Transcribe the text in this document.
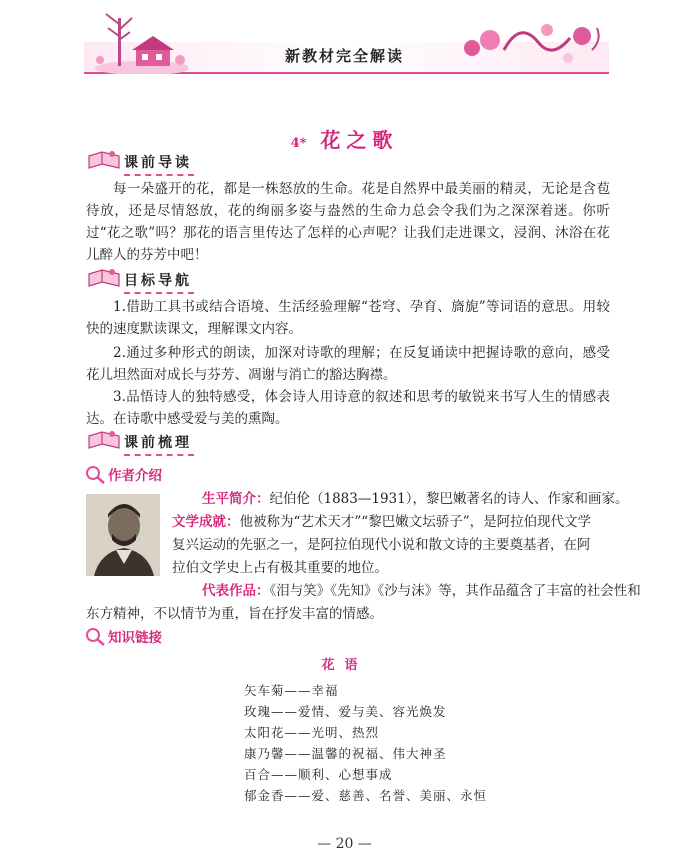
新教材完全解读
4* 花之歌
课前导读

每一朵盛开的花，都是一株怒放的生命。花是自然界中最美丽的精灵，无论是含苞待放，还是尽情怒放，花的绚丽多姿与盎然的生命力总会令我们为之深深着迷。你听过“花之歌”吗？那花的语言里传达了怎样的心声呢？让我们走进课文，浸润、沐浴在花儿醉人的芬芳中吧！

目标导航

1.借助工具书或结合语境、生活经验理解“苍穹、孕育、旖旎”等词语的意思。用较快的速度默读课文，理解课文内容。

2.通过多种形式的朗读，加深对诗歌的理解；在反复诵读中把握诗歌的意向，感受花儿坦然面对成长与芬芳、凋谢与消亡的豁达胸襟。

3.品悟诗人的独特感受，体会诗人用诗意的叙述和思考的敏锐来书写人生的情感表达。在诗歌中感受爱与美的熏陶。

课前梳理
作者介绍

生平简介：纪伯伦（1883—1931），黎巴嫩著名的诗人、作家和画家。

文学成就：他被称为“艺术天才”“黎巴嫩文坛骄子”，是阿拉伯现代文学

复兴运动的先驱之一，是阿拉伯现代小说和散文诗的主要奠基者，在阿

拉伯文学史上占有极其重要的地位。

代表作品：《泪与笑》《先知》《沙与沫》等，其作品蕴含了丰富的社会性和

东方精神，不以情节为重，旨在抒发丰富的情感。

知识链接
花语
矢车菊——幸福
玫瑰——爱情、爱与美、容光焕发
太阳花——光明、热烈
康乃馨——温馨的祝福、伟大神圣
百合——顺利、心想事成
郁金香——爱、慈善、名誉、美丽、永恒
— 20 —
